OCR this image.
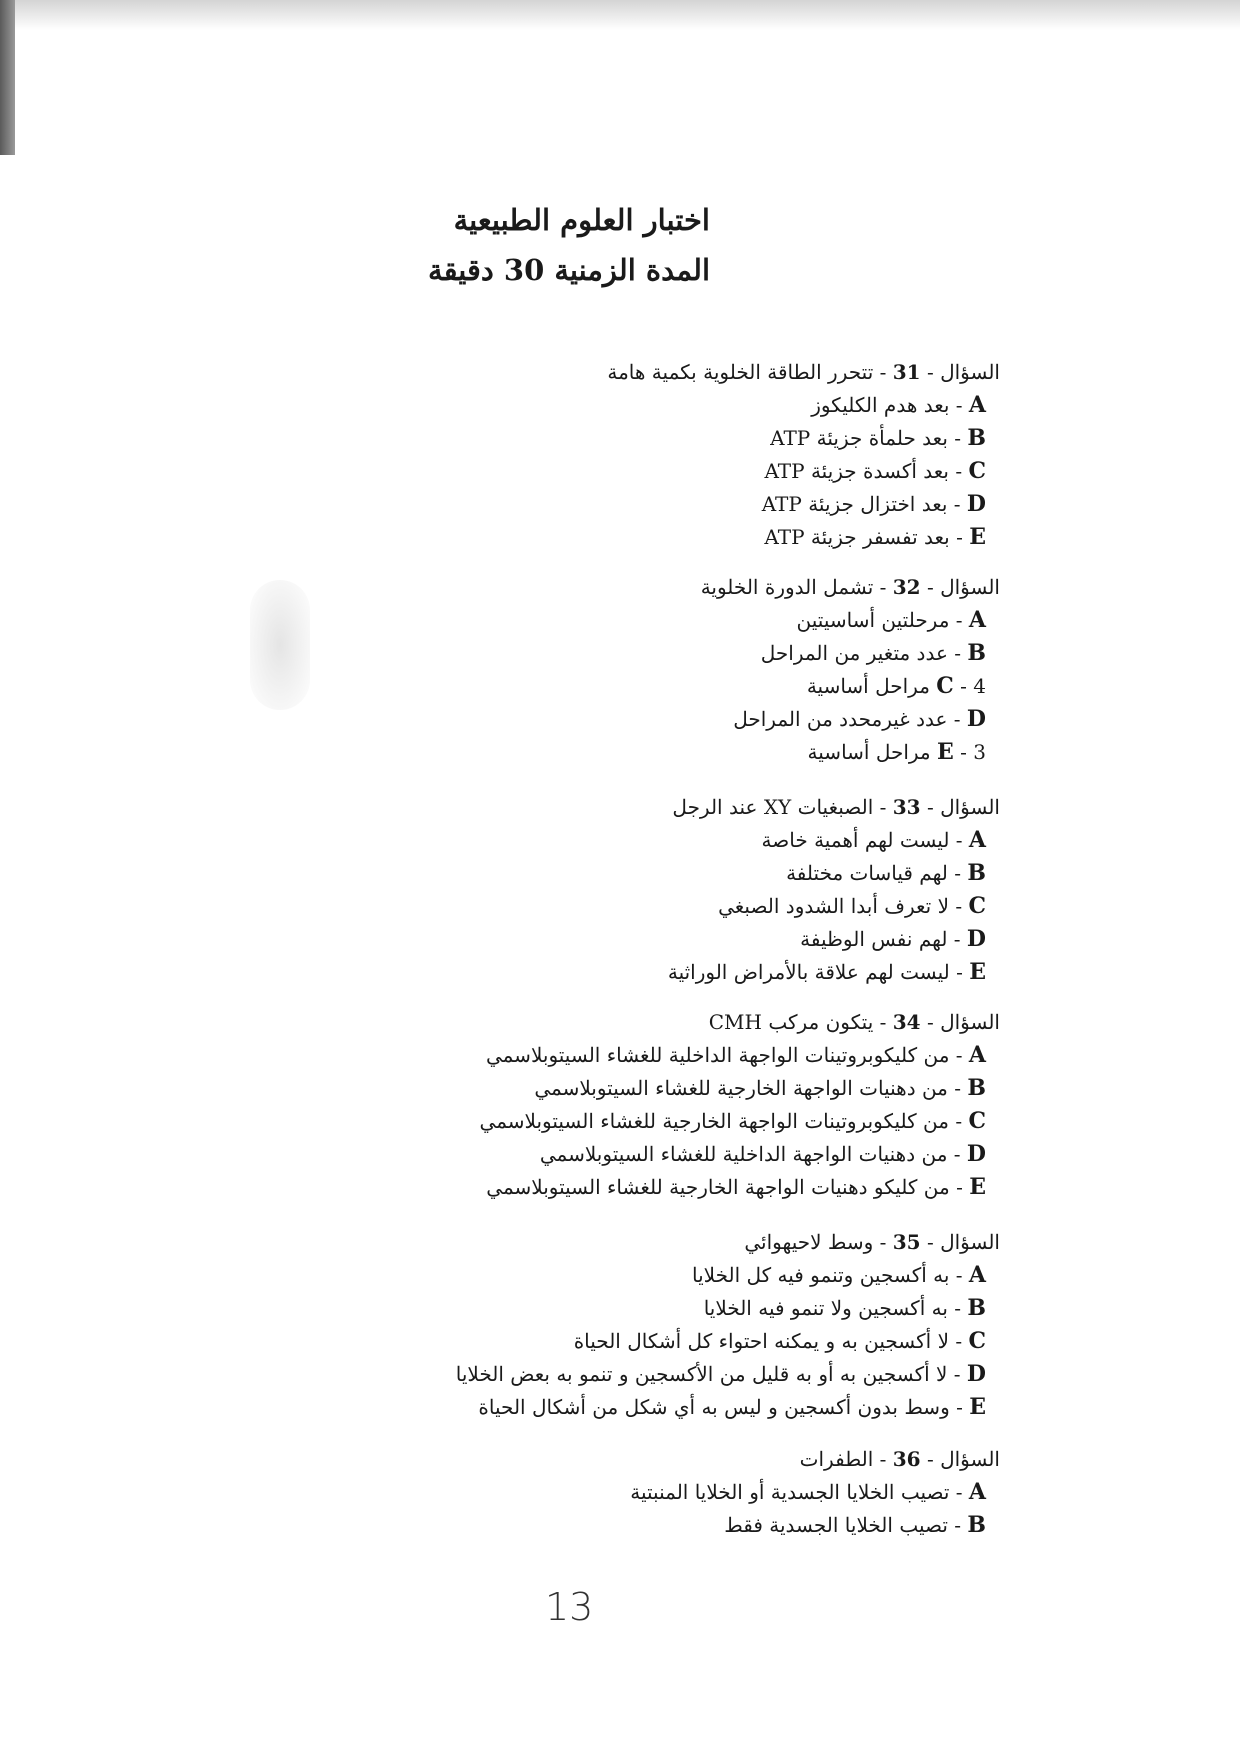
اختبار العلوم الطبيعية
المدة الزمنية 30 دقيقة
السؤال - 31 - تتحرر الطاقة الخلوية بكمية هامة
A - بعد هدم الكليكوز
B - بعد حلمأة جزيئة ATP
C - بعد أكسدة جزيئة ATP
D - بعد اختزال جزيئة ATP
E - بعد تفسفر جزيئة ATP
السؤال - 32 - تشمل الدورة الخلوية
A - مرحلتين أساسيتين
B - عدد متغير من المراحل
C - 4 مراحل أساسية
D - عدد غيرمحدد من المراحل
E - 3 مراحل أساسية
السؤال - 33 - الصبغيات XY عند الرجل
A - ليست لهم أهمية خاصة
B - لهم قياسات مختلفة
C - لا تعرف أبدا الشدود الصبغي
D - لهم نفس الوظيفة
E - ليست لهم علاقة بالأمراض الوراثية
السؤال - 34 - يتكون مركب CMH
A - من كليكوبروتينات الواجهة الداخلية للغشاء السيتوبلاسمي
B - من دهنيات الواجهة الخارجية للغشاء السيتوبلاسمي
C - من كليكوبروتينات الواجهة الخارجية للغشاء السيتوبلاسمي
D - من دهنيات الواجهة الداخلية للغشاء السيتوبلاسمي
E - من كليكو دهنيات الواجهة الخارجية للغشاء السيتوبلاسمي
السؤال - 35 - وسط لاحيهوائي
A - به أكسجين وتنمو فيه كل الخلايا
B - به أكسجين ولا تنمو فيه الخلايا
C - لا أكسجين به و يمكنه احتواء كل أشكال الحياة
D - لا أكسجين به أو به قليل من الأكسجين و تنمو به بعض الخلايا
E - وسط بدون أكسجين و ليس به أي شكل من أشكال الحياة
السؤال - 36 - الطفرات
A - تصيب الخلايا الجسدية أو الخلايا المنبتية
B - تصيب الخلايا الجسدية فقط
13
